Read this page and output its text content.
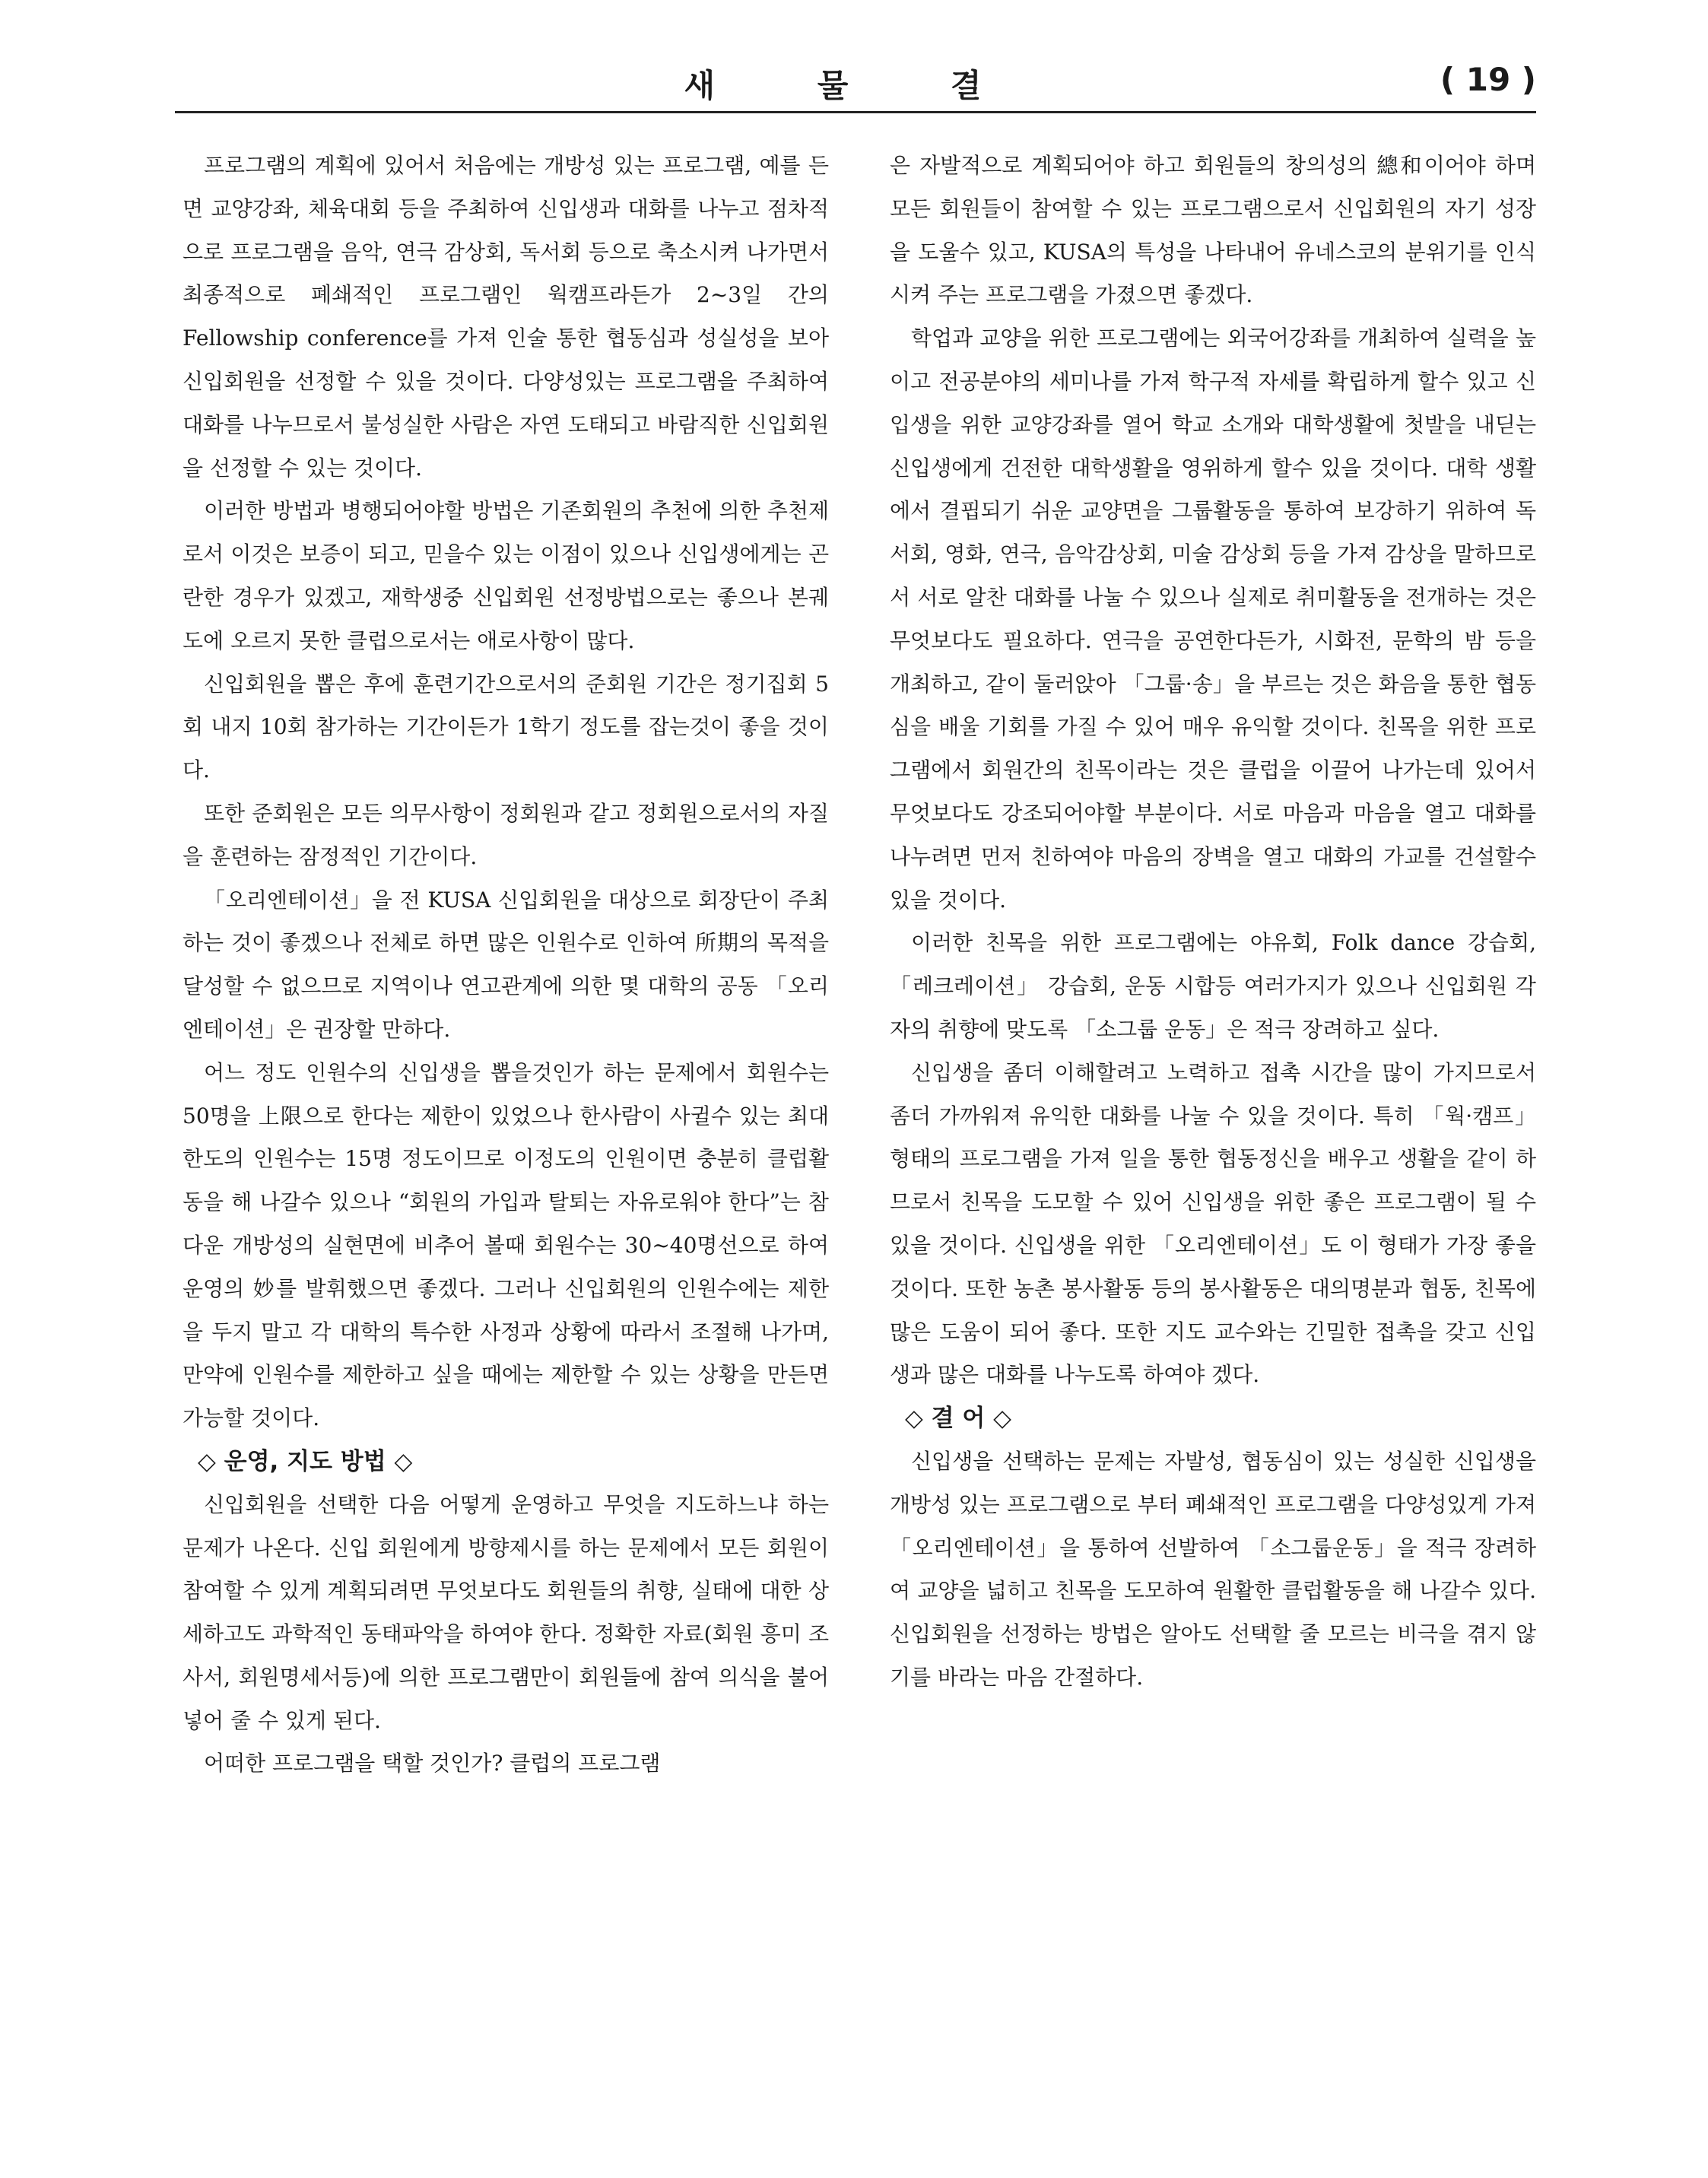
새 물 결	( 19 )

프로그램의 계획에 있어서 처음에는 개방성 있는 프로그램, 예를 든면 교양강좌, 체육대회 등을 주최하여 신입생과 대화를 나누고 점차적으로 프로그램을 음악, 연극 감상회, 독서회 등으로 축소시켜 나가면서 최종적으로 폐쇄적인 프로그램인 웍캠프라든가 2~3일 간의 Fellowship conference를 가져 인술 통한 협동심과 성실성을 보아 신입회원을 선정할 수 있을 것이다. 다양성있는 프로그램을 주최하여 대화를 나누므로서 불성실한 사람은 자연 도태되고 바람직한 신입회원을 선정할 수 있는 것이다.

이러한 방법과 병행되어야할 방법은 기존회원의 추천에 의한 추천제로서 이것은 보증이 되고, 믿을수 있는 이점이 있으나 신입생에게는 곤란한 경우가 있겠고, 재학생중 신입회원 선정방법으로는 좋으나 본궤도에 오르지 못한 클럽으로서는 애로사항이 많다.

신입회원을 뽑은 후에 훈련기간으로서의 준회원 기간은 정기집회 5회 내지 10회 참가하는 기간이든가 1학기 정도를 잡는것이 좋을 것이다.

또한 준회원은 모든 의무사항이 정회원과 같고 정회원으로서의 자질을 훈련하는 잠정적인 기간이다.

「오리엔테이션」을 전 KUSA 신입회원을 대상으로 회장단이 주최하는 것이 좋겠으나 전체로 하면 많은 인원수로 인하여 所期의 목적을 달성할 수 없으므로 지역이나 연고관계에 의한 몇 대학의 공동 「오리엔테이션」은 권장할 만하다.

어느 정도 인원수의 신입생을 뽑을것인가 하는 문제에서 회원수는 50명을 上限으로 한다는 제한이 있었으나 한사람이 사귈수 있는 최대한도의 인원수는 15명 정도이므로 이정도의 인원이면 충분히 클럽활동을 해 나갈수 있으나 “회원의 가입과 탈퇴는 자유로워야 한다”는 참다운 개방성의 실현면에 비추어 볼때 회원수는 30~40명선으로 하여 운영의 妙를 발휘했으면 좋겠다. 그러나 신입회원의 인원수에는 제한을 두지 말고 각 대학의 특수한 사정과 상황에 따라서 조절해 나가며, 만약에 인원수를 제한하고 싶을 때에는 제한할 수 있는 상황을 만든면 가능할 것이다.

◇ 운영, 지도 방법 ◇

신입회원을 선택한 다음 어떻게 운영하고 무엇을 지도하느냐 하는 문제가 나온다. 신입 회원에게 방향제시를 하는 문제에서 모든 회원이 참여할 수 있게 계획되려면 무엇보다도 회원들의 취향, 실태에 대한 상세하고도 과학적인 동태파악을 하여야 한다. 정확한 자료(회원 흥미 조사서, 회원명세서등)에 의한 프로그램만이 회원들에 참여 의식을 불어 넣어 줄 수 있게 된다.

어떠한 프로그램을 택할 것인가? 클럽의 프로그램

은 자발적으로 계획되어야 하고 회원들의 창의성의 總和이어야 하며 모든 회원들이 참여할 수 있는 프로그램으로서 신입회원의 자기 성장을 도울수 있고, KUSA의 특성을 나타내어 유네스코의 분위기를 인식시켜 주는 프로그램을 가졌으면 좋겠다.

학업과 교양을 위한 프로그램에는 외국어강좌를 개최하여 실력을 높이고 전공분야의 세미나를 가져 학구적 자세를 확립하게 할수 있고 신입생을 위한 교양강좌를 열어 학교 소개와 대학생활에 첫발을 내딛는 신입생에게 건전한 대학생활을 영위하게 할수 있을 것이다. 대학 생활에서 결핍되기 쉬운 교양면을 그룹활동을 통하여 보강하기 위하여 독서회, 영화, 연극, 음악감상회, 미술 감상회 등을 가져 감상을 말하므로서 서로 알찬 대화를 나눌 수 있으나 실제로 취미활동을 전개하는 것은 무엇보다도 필요하다. 연극을 공연한다든가, 시화전, 문학의 밤 등을 개최하고, 같이 둘러앉아 「그룹·송」을 부르는 것은 화음을 통한 협동심을 배울 기회를 가질 수 있어 매우 유익할 것이다. 친목을 위한 프로그램에서 회원간의 친목이라는 것은 클럽을 이끌어 나가는데 있어서 무엇보다도 강조되어야할 부분이다. 서로 마음과 마음을 열고 대화를 나누려면 먼저 친하여야 마음의 장벽을 열고 대화의 가교를 건설할수 있을 것이다.

이러한 친목을 위한 프로그램에는 야유회, Folk dance 강습회, 「레크레이션」 강습회, 운동 시합등 여러가지가 있으나 신입회원 각자의 취향에 맞도록 「소그룹 운동」은 적극 장려하고 싶다.

신입생을 좀더 이해할려고 노력하고 접촉 시간을 많이 가지므로서 좀더 가까워져 유익한 대화를 나눌 수 있을 것이다. 특히 「웍·캠프」 형태의 프로그램을 가져 일을 통한 협동정신을 배우고 생활을 같이 하므로서 친목을 도모할 수 있어 신입생을 위한 좋은 프로그램이 될 수 있을 것이다. 신입생을 위한 「오리엔테이션」도 이 형태가 가장 좋을 것이다. 또한 농촌 봉사활동 등의 봉사활동은 대의명분과 협동, 친목에 많은 도움이 되어 좋다. 또한 지도 교수와는 긴밀한 접촉을 갖고 신입생과 많은 대화를 나누도록 하여야 겠다.

◇ 결 어 ◇

신입생을 선택하는 문제는 자발성, 협동심이 있는 성실한 신입생을 개방성 있는 프로그램으로 부터 폐쇄적인 프로그램을 다양성있게 가져 「오리엔테이션」을 통하여 선발하여 「소그룹운동」을 적극 장려하여 교양을 넓히고 친목을 도모하여 원활한 클럽활동을 해 나갈수 있다. 신입회원을 선정하는 방법은 알아도 선택할 줄 모르는 비극을 겪지 않기를 바라는 마음 간절하다.
